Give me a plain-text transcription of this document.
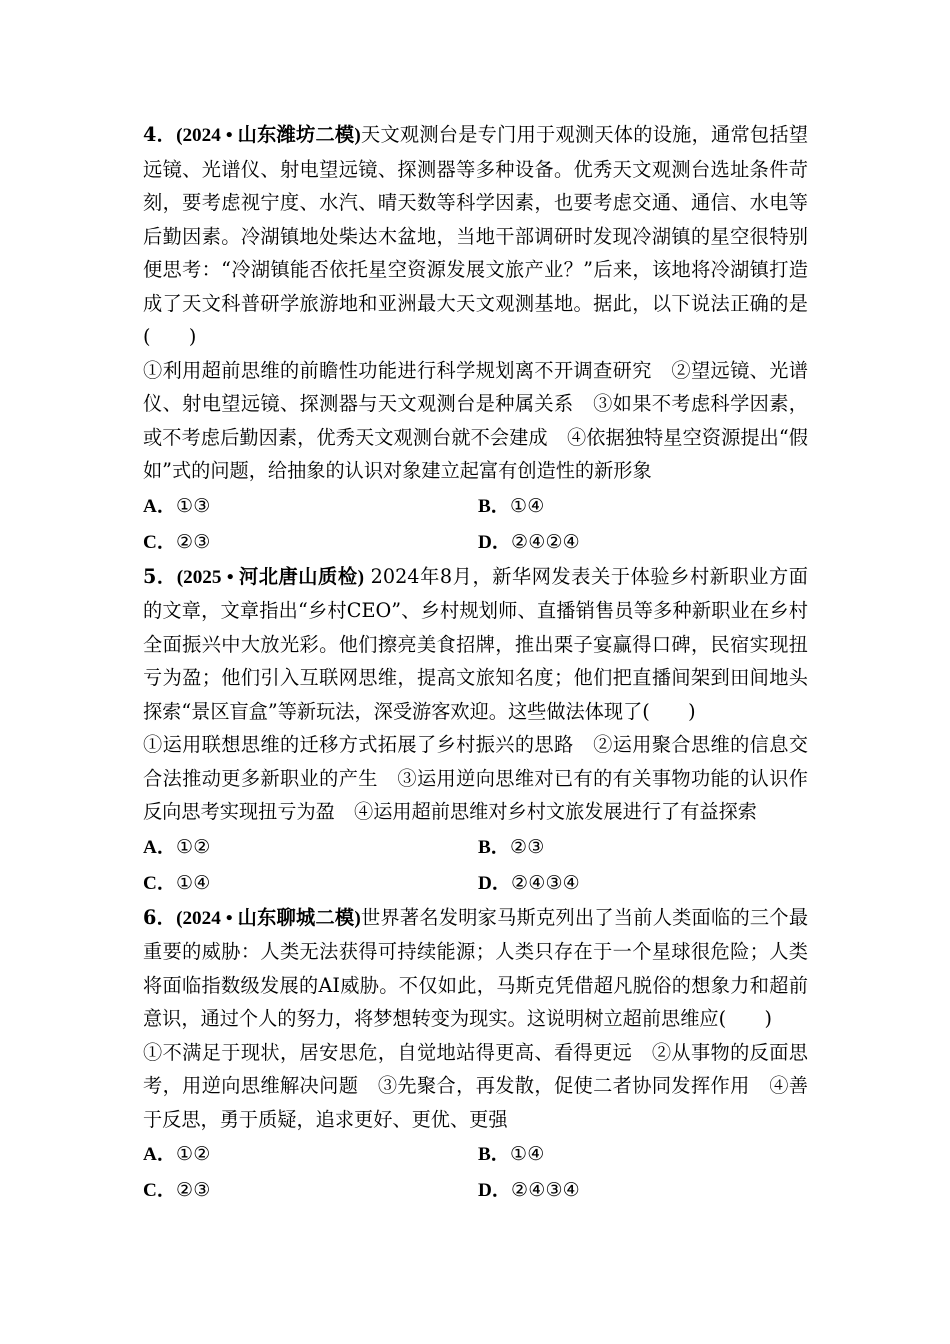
4．(2024 • 山东潍坊二模)天文观测台是专门用于观测天体的设施，通常包括望远镜、光谱仪、射电望远镜、探测器等多种设备。优秀天文观测台选址条件苛刻，要考虑视宁度、水汽、晴天数等科学因素，也要考虑交通、通信、水电等后勤因素。冷湖镇地处柴达木盆地，当地干部调研时发现冷湖镇的星空很特别便思考：“冷湖镇能否依托星空资源发展文旅产业？”后来，该地将冷湖镇打造成了天文科普研学旅游地和亚洲最大天文观测基地。据此，以下说法正确的是(　　)

①利用超前思维的前瞻性功能进行科学规划离不开调查研究　②望远镜、光谱仪、射电望远镜、探测器与天文观测台是种属关系　③如果不考虑科学因素，或不考虑后勤因素，优秀天文观测台就不会建成　④依据独特星空资源提出“假如”式的问题，给抽象的认识对象建立起富有创造性的新形象

A．①③	B．①④
C．②③	D．②④②④

5．(2025 • 河北唐山质检) 2024年8月，新华网发表关于体验乡村新职业方面的文章，文章指出“乡村CEO”、乡村规划师、直播销售员等多种新职业在乡村全面振兴中大放光彩。他们擦亮美食招牌，推出栗子宴赢得口碑，民宿实现扭亏为盈；他们引入互联网思维，提高文旅知名度；他们把直播间架到田间地头探索“景区盲盒”等新玩法，深受游客欢迎。这些做法体现了(　　)

①运用联想思维的迁移方式拓展了乡村振兴的思路　②运用聚合思维的信息交合法推动更多新职业的产生　③运用逆向思维对已有的有关事物功能的认识作反向思考实现扭亏为盈　④运用超前思维对乡村文旅发展进行了有益探索

A．①②	B．②③
C．①④	D．②④③④

6．(2024 • 山东聊城二模)世界著名发明家马斯克列出了当前人类面临的三个最重要的威胁：人类无法获得可持续能源；人类只存在于一个星球很危险；人类将面临指数级发展的AI威胁。不仅如此，马斯克凭借超凡脱俗的想象力和超前意识，通过个人的努力，将梦想转变为现实。这说明树立超前思维应(　　)

①不满足于现状，居安思危，自觉地站得更高、看得更远　②从事物的反面思考，用逆向思维解决问题　③先聚合，再发散，促使二者协同发挥作用　④善于反思，勇于质疑，追求更好、更优、更强

A．①②	B．①④
C．②③	D．②④③④
